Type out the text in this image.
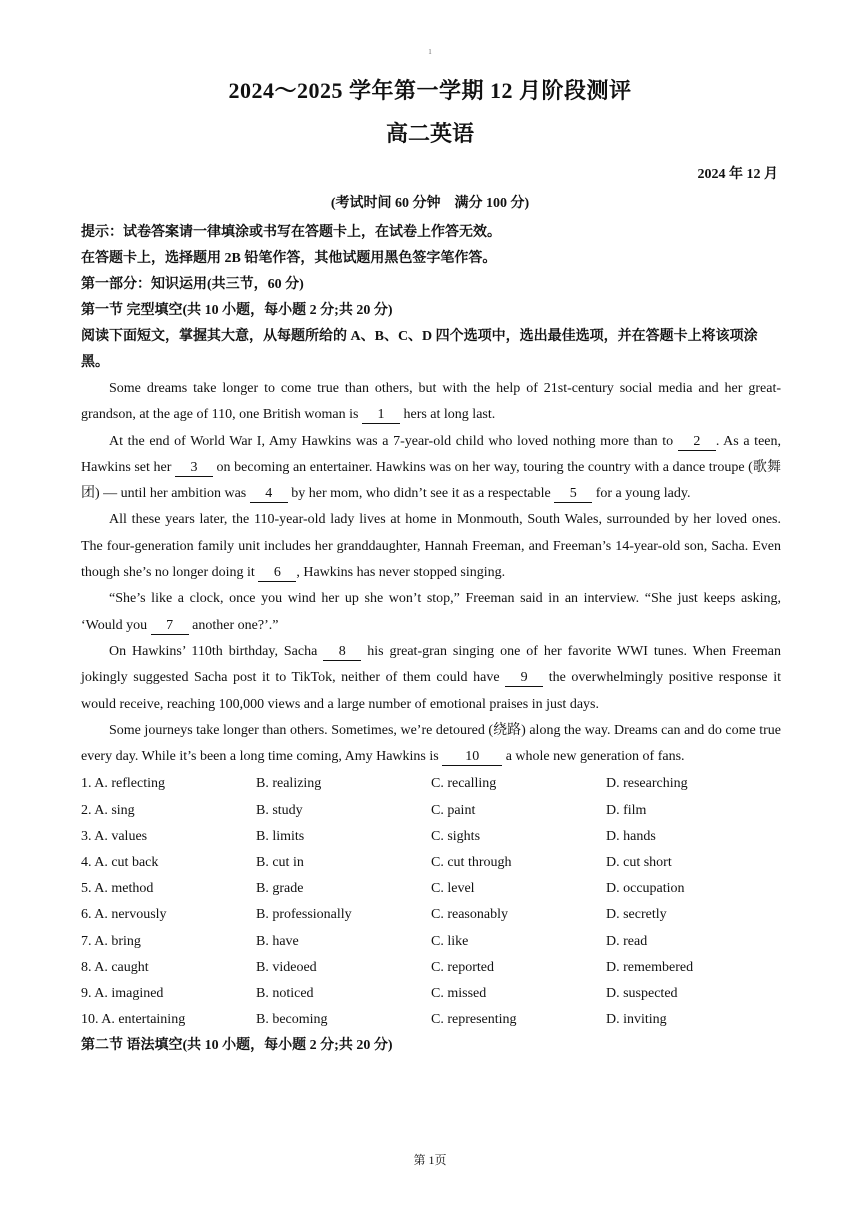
1
2024～2025 学年第一学期 12 月阶段测评
高二英语
2024 年 12 月
(考试时间 60 分钟　满分 100 分)
提示：试卷答案请一律填涂或书写在答题卡上，在试卷上作答无效。
在答题卡上，选择题用 2B 铅笔作答，其他试题用黑色签字笔作答。
第一部分：知识运用(共三节，60 分)
第一节 完型填空(共 10 小题，每小题 2 分;共 20 分)
阅读下面短文，掌握其大意，从每题所给的 A、B、C、D 四个选项中，选出最佳选项，并在答题卡上将该项涂黑。
Some dreams take longer to come true than others, but with the help of 21st-century social media and her great-grandson, at the age of 110, one British woman is 1 hers at long last.
At the end of World War I, Amy Hawkins was a 7-year-old child who loved nothing more than to 2 . As a teen, Hawkins set her 3 on becoming an entertainer. Hawkins was on her way, touring the country with a dance troupe (歌舞团) — until her ambition was 4 by her mom, who didn’t see it as a respectable 5 for a young lady.
All these years later, the 110-year-old lady lives at home in Monmouth, South Wales, surrounded by her loved ones. The four-generation family unit includes her granddaughter, Hannah Freeman, and Freeman’s 14-year-old son, Sacha. Even though she’s no longer doing it 6 , Hawkins has never stopped singing.
“She’s like a clock, once you wind her up she won’t stop,” Freeman said in an interview. “She just keeps asking, ‘Would you 7 another one?’.”
On Hawkins’ 110th birthday, Sacha 8 his great-gran singing one of her favorite WWI tunes. When Freeman jokingly suggested Sacha post it to TikTok, neither of them could have 9 the overwhelmingly positive response it would receive, reaching 100,000 views and a large number of emotional praises in just days.
Some journeys take longer than others. Sometimes, we’re detoured (绕路) along the way. Dreams can and do come true every day. While it’s been a long time coming, Amy Hawkins is 10 a whole new generation of fans.
1. A. reflecting	B. realizing	C. recalling	D. researching
2. A. sing	B. study	C. paint	D. film
3. A. values	B. limits	C. sights	D. hands
4. A. cut back	B. cut in	C. cut through	D. cut short
5. A. method	B. grade	C. level	D. occupation
6. A. nervously	B. professionally	C. reasonably	D. secretly
7. A. bring	B. have	C. like	D. read
8. A. caught	B. videoed	C. reported	D. remembered
9. A. imagined	B. noticed	C. missed	D. suspected
10. A. entertaining	B. becoming	C. representing	D. inviting
第二节 语法填空(共 10 小题，每小题 2 分;共 20 分)
第 1页
